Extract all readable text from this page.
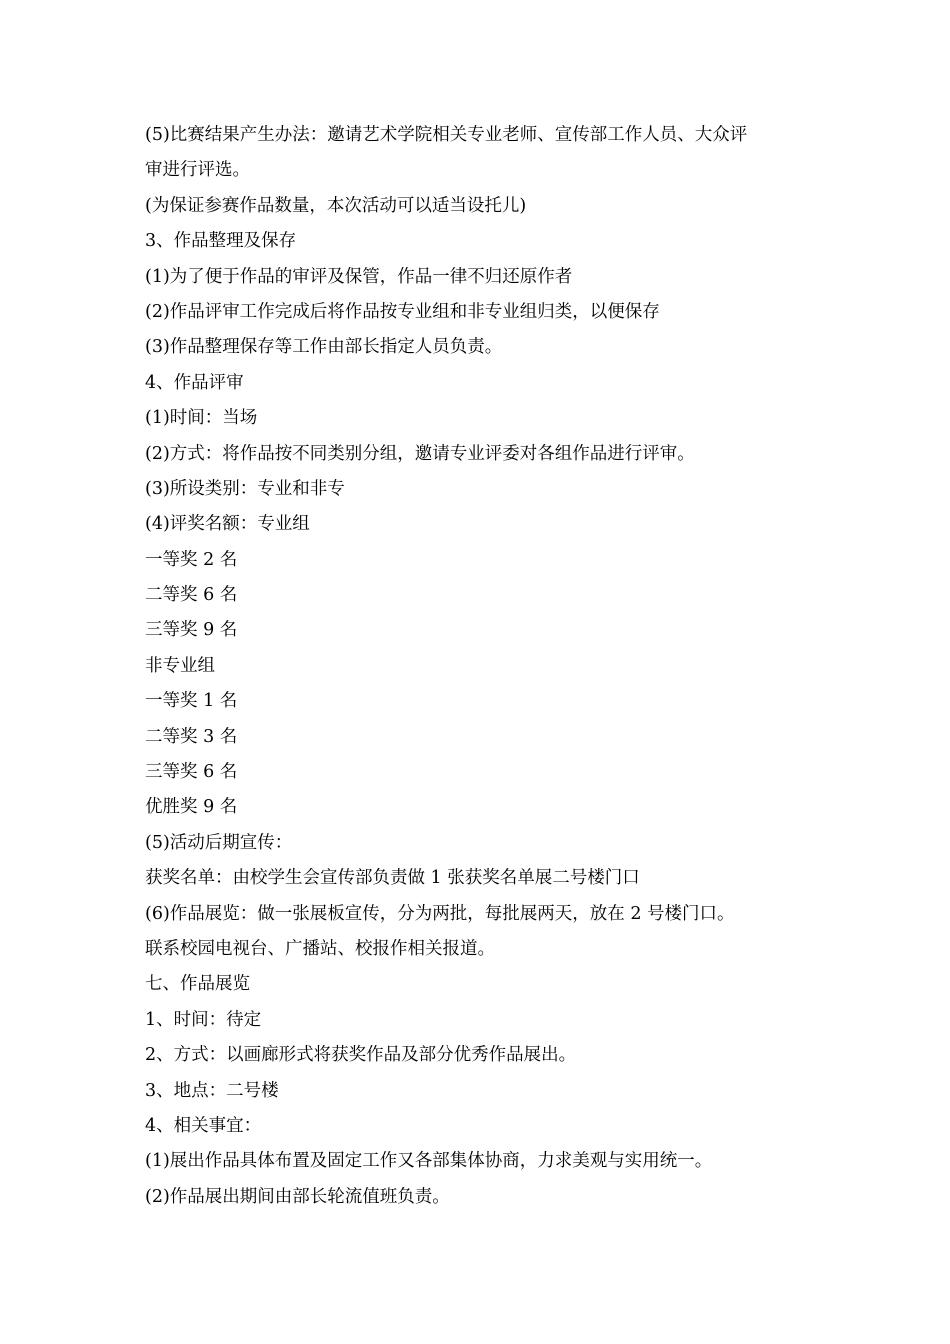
(5)比赛结果产生办法：邀请艺术学院相关专业老师、宣传部工作人员、大众评
审进行评选。
(为保证参赛作品数量，本次活动可以适当设托儿)
3、作品整理及保存
(1)为了便于作品的审评及保管，作品一律不归还原作者
(2)作品评审工作完成后将作品按专业组和非专业组归类，以便保存
(3)作品整理保存等工作由部长指定人员负责。
4、作品评审
(1)时间：当场
(2)方式：将作品按不同类别分组，邀请专业评委对各组作品进行评审。
(3)所设类别：专业和非专
(4)评奖名额：专业组
一等奖 2 名
二等奖 6 名
三等奖 9 名
非专业组
一等奖 1 名
二等奖 3 名
三等奖 6 名
优胜奖 9 名
(5)活动后期宣传：
获奖名单：由校学生会宣传部负责做 1 张获奖名单展二号楼门口
(6)作品展览：做一张展板宣传，分为两批，每批展两天，放在 2 号楼门口。
联系校园电视台、广播站、校报作相关报道。
七、作品展览
1、时间：待定
2、方式：以画廊形式将获奖作品及部分优秀作品展出。
3、地点：二号楼
4、相关事宜：
(1)展出作品具体布置及固定工作又各部集体协商，力求美观与实用统一。
(2)作品展出期间由部长轮流值班负责。
